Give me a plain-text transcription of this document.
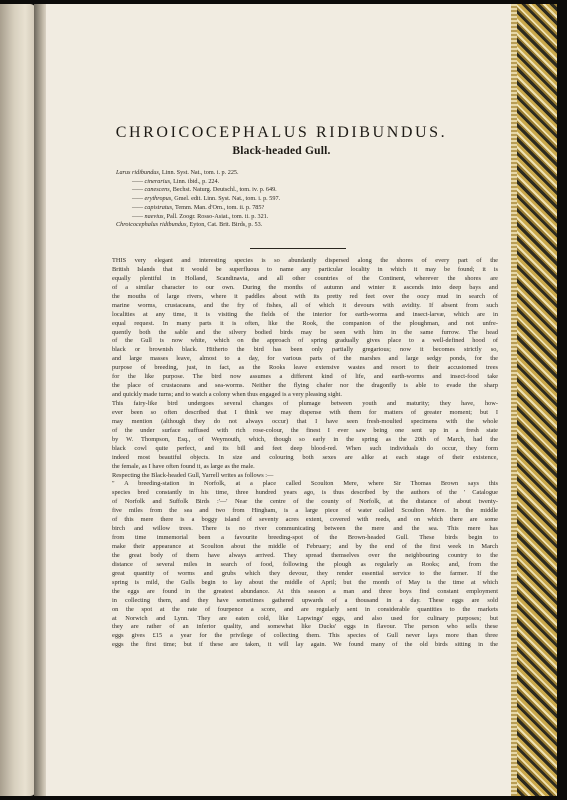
CHROICOCEPHALUS RIDIBUNDUS.
Black-headed Gull.
Larus ridibundus, Linn. Syst. Nat., tom. i. p. 225.
—— cinerarius, Linn. ibid., p. 224.
—— canescens, Bechst. Naturg. Deutschl., tom. iv. p. 649.
—— erythropus, Gmel. edit. Linn. Syst. Nat., tom. i. p. 597.
—— capistratus, Temm. Man. d'Orn., tom. ii. p. 785?
—— naevius, Pall. Zoogr. Rosso-Asiat., tom. ii. p. 321.
Chroicocephalus ridibundus, Eyton, Cat. Brit. Birds, p. 53.
THIS very elegant and interesting species is so abundantly dispersed along the shores of every part of the
British Islands that it would be superfluous to name any particular locality in which it may be found; it is
equally plentiful in Holland, Scandinavia, and all other countries of the Continent, wherever the shores are
of a similar character to our own. During the months of autumn and winter it ascends into deep bays and
the mouths of large rivers, where it paddles about with its pretty red feet over the oozy mud in search of
marine worms, crustaceans, and the fry of fishes, all of which it devours with avidity. If absent from such
localities at any time, it is visiting the fields of the interior for earth-worms and insect-larvæ, which are in
equal request. In many parts it is often, like the Rook, the companion of the ploughman, and not unfre-
quently both the sable and the silvery bodied birds may be seen with him in the same furrow. The head
of the Gull is now white, which on the approach of spring gradually gives place to a well-defined hood of
black or brownish black. Hitherto the bird has been only partially gregarious; now it becomes strictly so,
and large masses leave, almost to a day, for various parts of the marshes and large sedgy ponds, for the
purpose of breeding, just, in fact, as the Rooks leave extensive wastes and resort to their accustomed trees
for the like purpose. The bird now assumes a different kind of life, and earth-worms and insect-food take
the place of crustaceans and sea-worms. Neither the flying chafer nor the dragonfly is able to evade the sharp
and quickly made turns; and to watch a colony when thus engaged is a very pleasing sight.
This fairy-like bird undergoes several changes of plumage between youth and maturity; they have, how-
ever been so often described that I think we may dispense with them for matters of greater moment; but I
may mention (although they do not always occur) that I have seen fresh-moulted specimens with the whole
of the under surface suffused with rich rose-colour, the finest I ever saw being one sent up in a fresh state
by W. Thompson, Esq., of Weymouth, which, though so early in the spring as the 20th of March, had the
black cowl quite perfect, and its bill and feet deep blood-red. When such individuals do occur, they form
indeed most beautiful objects. In size and colouring both sexes are alike at each stage of their existence,
the female, as I have often found it, as large as the male.
Respecting the Black-headed Gull, Yarrell writes as follows :—
" A breeding-station in Norfolk, at a place called Scoulton Mere, where Sir Thomas Brown says this
species bred constantly in his time, three hundred years ago, is thus described by the authors of the ' Catalogue
of Norfolk and Suffolk Birds :'—' Near the centre of the county of Norfolk, at the distance of about twenty-
five miles from the sea and two from Hingham, is a large piece of water called Scoulton Mere. In the middle
of this mere there is a boggy island of seventy acres extent, covered with reeds, and on which there are some
birch and willow trees. There is no river communicating between the mere and the sea. This mere has
from time immemorial been a favourite breeding-spot of the Brown-headed Gull. These birds begin to
make their appearance at Scoulton about the middle of February; and by the end of the first week in March
the great body of them have always arrived. They spread themselves over the neighbouring country to the
distance of several miles in search of food, following the plough as regularly as Rooks; and, from the
great quantity of worms and grubs which they devour, they render essential service to the farmer. If the
spring is mild, the Gulls begin to lay about the middle of April; but the month of May is the time at which
the eggs are found in the greatest abundance. At this season a man and three boys find constant employment
in collecting them, and they have sometimes gathered upwards of a thousand in a day. These eggs are sold
on the spot at the rate of fourpence a score, and are regularly sent in considerable quantities to the markets
at Norwich and Lynn. They are eaten cold, like Lapwings' eggs, and also used for culinary purposes; but
they are rather of an inferior quality, and somewhat like Ducks' eggs in flavour. The person who sells these
eggs gives £15 a year for the privilege of collecting them. This species of Gull never lays more than three
eggs the first time; but if these are taken, it will lay again. We found many of the old birds sitting in the
